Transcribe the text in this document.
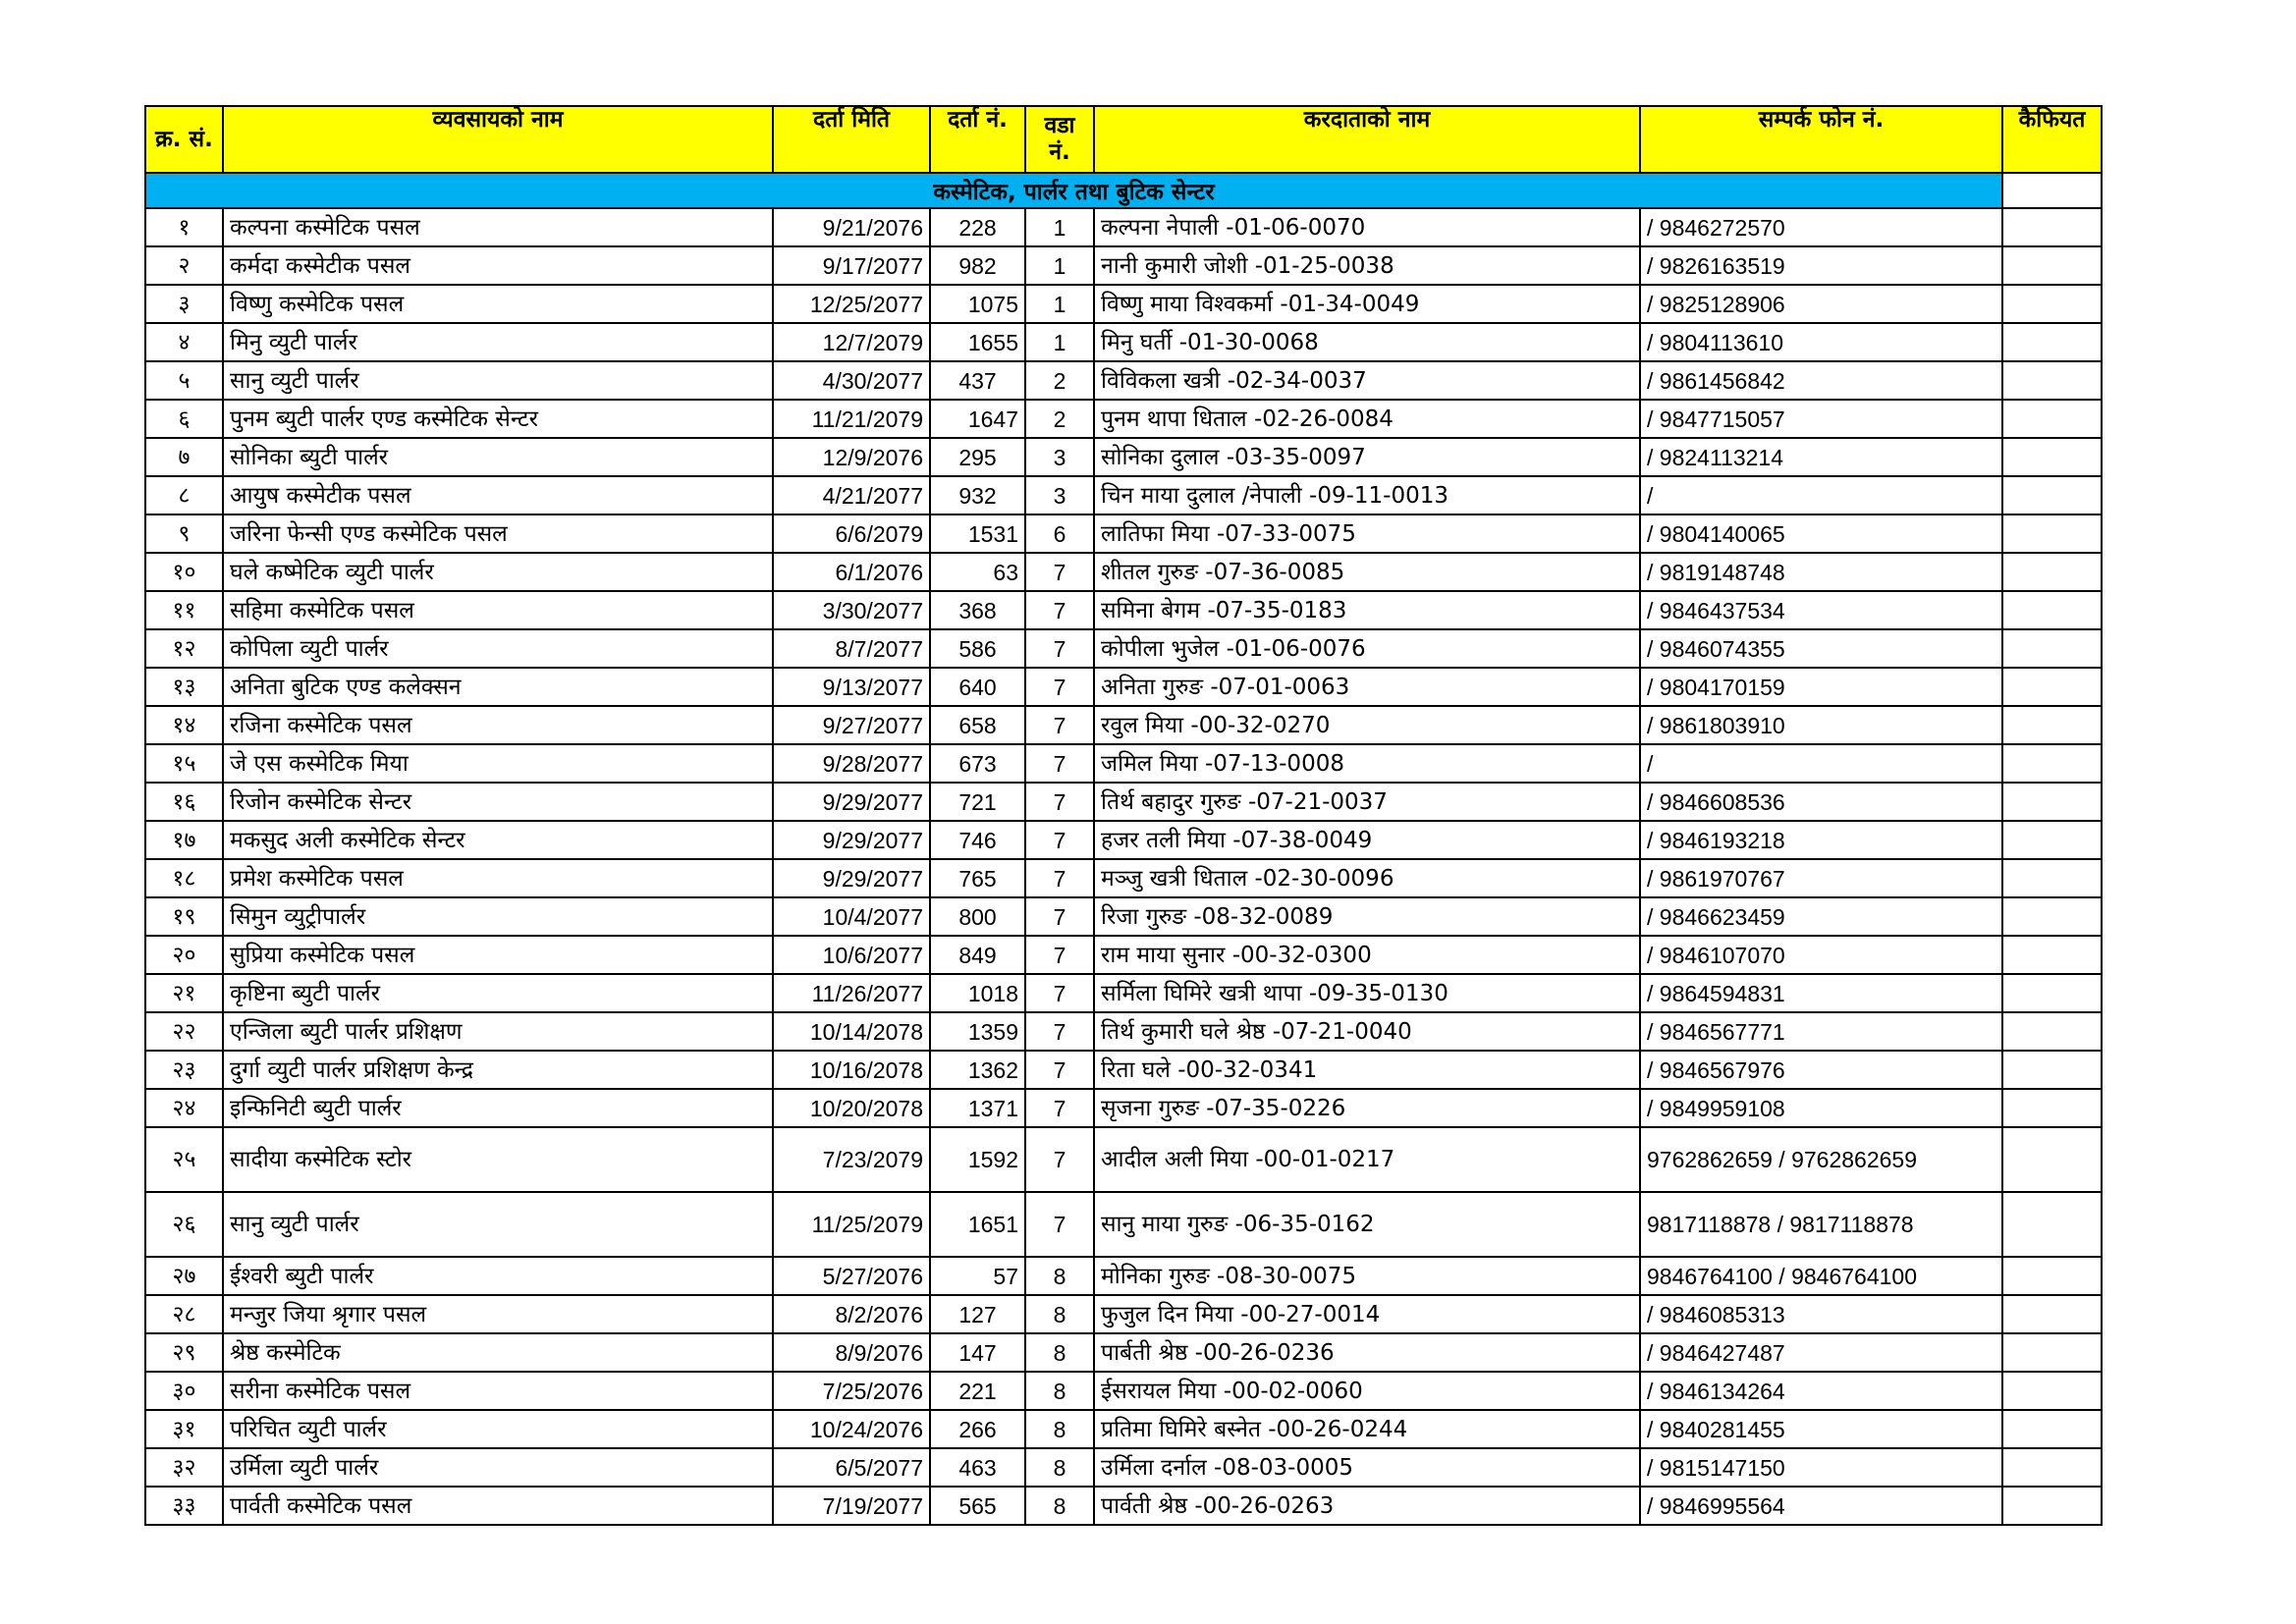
क्र. सं.	व्यवसायको नाम	दर्ता मिति	दर्ता नं.	वडा नं.	करदाताको नाम	सम्पर्क फोन नं.	कैफियत
कस्मेटिक, पार्लर तथा बुटिक सेन्टर							
१	कल्पना कस्मेटिक पसल	9/21/2076	228	1	कल्पना नेपाली -01-06-0070	/ 9846272570	
२	कर्मदा कस्मेटीक पसल	9/17/2077	982	1	नानी कुमारी जोशी -01-25-0038	/ 9826163519	
३	विष्णु कस्मेटिक पसल	12/25/2077	1075	1	विष्णु माया विश्वकर्मा -01-34-0049	/ 9825128906	
४	मिनु व्युटी पार्लर	12/7/2079	1655	1	मिनु घर्ती -01-30-0068	/ 9804113610	
५	सानु व्युटी पार्लर	4/30/2077	437	2	विविकला खत्री -02-34-0037	/ 9861456842	
६	पुनम ब्युटी पार्लर एण्ड कस्मेटिक सेन्टर	11/21/2079	1647	2	पुनम थापा धिताल -02-26-0084	/ 9847715057	
७	सोनिका ब्युटी पार्लर	12/9/2076	295	3	सोनिका दुलाल -03-35-0097	/ 9824113214	
८	आयुष कस्मेटीक पसल	4/21/2077	932	3	चिन माया दुलाल /नेपाली -09-11-0013	/	
९	जरिना फेन्सी एण्ड कस्मेटिक पसल	6/6/2079	1531	6	लातिफा मिया -07-33-0075	/ 9804140065	
१०	घले कष्मेटिक व्युटी पार्लर	6/1/2076	63	7	शीतल गुरुङ -07-36-0085	/ 9819148748	
११	सहिमा कस्मेटिक पसल	3/30/2077	368	7	समिना बेगम -07-35-0183	/ 9846437534	
१२	कोपिला व्युटी पार्लर	8/7/2077	586	7	कोपीला भुजेल -01-06-0076	/ 9846074355	
१३	अनिता बुटिक एण्ड कलेक्सन	9/13/2077	640	7	अनिता गुरुङ -07-01-0063	/ 9804170159	
१४	रजिना कस्मेटिक पसल	9/27/2077	658	7	रवुल मिया -00-32-0270	/ 9861803910	
१५	जे एस कस्मेटिक मिया	9/28/2077	673	7	जमिल मिया -07-13-0008	/	
१६	रिजोन कस्मेटिक सेन्टर	9/29/2077	721	7	तिर्थ बहादुर गुरुङ -07-21-0037	/ 9846608536	
१७	मकसुद अली कस्मेटिक सेन्टर	9/29/2077	746	7	हजर तली मिया -07-38-0049	/ 9846193218	
१८	प्रमेश कस्मेटिक पसल	9/29/2077	765	7	मञ्जु खत्री धिताल -02-30-0096	/ 9861970767	
१९	सिमुन व्युट्रीपार्लर	10/4/2077	800	7	रिजा गुरुङ -08-32-0089	/ 9846623459	
२०	सुप्रिया कस्मेटिक पसल	10/6/2077	849	7	राम माया सुनार -00-32-0300	/ 9846107070	
२१	कृष्टिना ब्युटी पार्लर	11/26/2077	1018	7	सर्मिला घिमिरे खत्री थापा -09-35-0130	/ 9864594831	
२२	एन्जिला ब्युटी पार्लर प्रशिक्षण	10/14/2078	1359	7	तिर्थ कुमारी घले श्रेष्ठ -07-21-0040	/ 9846567771	
२३	दुर्गा व्युटी पार्लर प्रशिक्षण केन्द्र	10/16/2078	1362	7	रिता घले -00-32-0341	/ 9846567976	
२४	इन्फिनिटी ब्युटी पार्लर	10/20/2078	1371	7	सृजना गुरुङ -07-35-0226	/ 9849959108	
२५	सादीया कस्मेटिक स्टोर	7/23/2079	1592	7	आदील अली मिया -00-01-0217	9762862659 / 9762862659	
२६	सानु व्युटी पार्लर	11/25/2079	1651	7	सानु माया गुरुङ -06-35-0162	9817118878 / 9817118878	
२७	ईश्वरी ब्युटी पार्लर	5/27/2076	57	8	मोनिका गुरुङ -08-30-0075	9846764100 / 9846764100	
२८	मन्जुर जिया श्रृगार पसल	8/2/2076	127	8	फुजुल दिन मिया -00-27-0014	/ 9846085313	
२९	श्रेष्ठ कस्मेटिक	8/9/2076	147	8	पार्बती श्रेष्ठ -00-26-0236	/ 9846427487	
३०	सरीना कस्मेटिक पसल	7/25/2076	221	8	ईसरायल मिया -00-02-0060	/ 9846134264	
३१	परिचित व्युटी पार्लर	10/24/2076	266	8	प्रतिमा घिमिरे बस्नेत -00-26-0244	/ 9840281455	
३२	उर्मिला व्युटी पार्लर	6/5/2077	463	8	उर्मिला दर्नाल -08-03-0005	/ 9815147150	
३३	पार्वती कस्मेटिक पसल	7/19/2077	565	8	पार्वती श्रेष्ठ -00-26-0263	/ 9846995564	
